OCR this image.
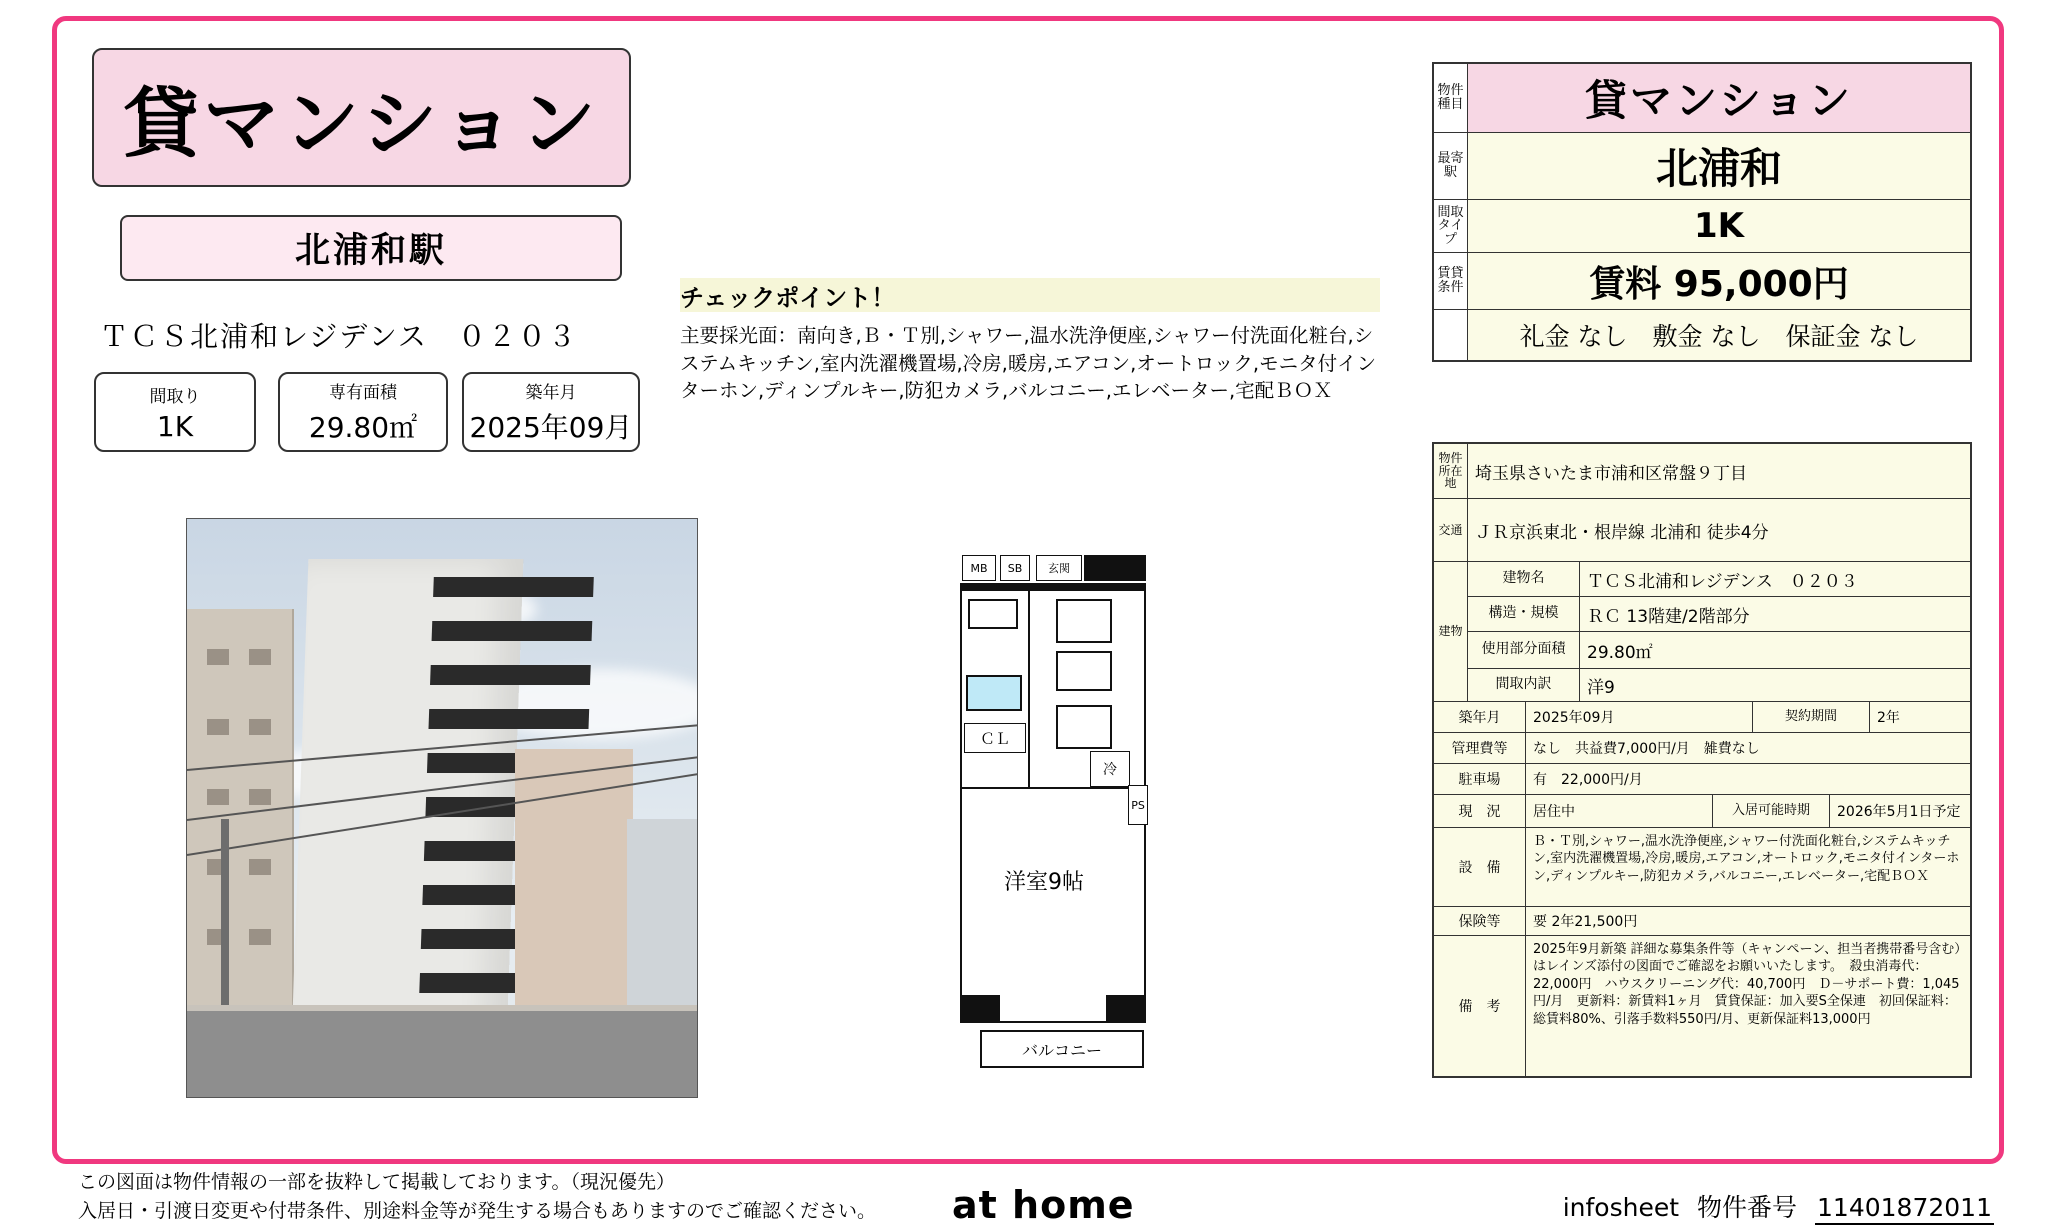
貸マンション
北浦和駅
ＴＣＳ北浦和レジデンス　０２０３
間取り
1K
専有面積
29.80㎡
築年月
2025年09月
チェックポイント！
主要採光面：南向き,Ｂ・Ｔ別,シャワー,温水洗浄便座,シャワー付洗面化粧台,システムキッチン,室内洗濯機置場,冷房,暖房,エアコン,オートロック,モニタ付インターホン,ディンプルキー,防犯カメラ,バルコニー,エレベーター,宅配ＢＯＸ
MB	SB	玄関
ＣＬ
冷
PS
洋室9帖
バルコニー
物件種目	貸マンション
最寄駅	北浦和
間取タイプ	1K
賃貸条件	賃料 95,000円
礼金 なし　敷金 なし　保証金 なし
物件所在地	埼玉県さいたま市浦和区常盤９丁目
交通 ＪＲ京浜東北・根岸線 北浦和 徒歩4分
建物
建物名	ＴＣＳ北浦和レジデンス　０２０３
構造・規模	ＲＣ 13階建/2階部分
使用部分面積	29.80㎡
間取内訳	洋9
築年月	2025年09月	契約期間	2年
管理費等	なし　共益費7,000円/月　雑費なし
駐車場	有　22,000円/月
現　況	居住中	入居可能時期	2026年5月1日予定
設　備
Ｂ・Ｔ別,シャワー,温水洗浄便座,シャワー付洗面化粧台,システムキッチン,室内洗濯機置場,冷房,暖房,エアコン,オートロック,モニタ付インターホン,ディンプルキー,防犯カメラ,バルコニー,エレベーター,宅配ＢＯＸ
保険等	要 2年21,500円
備　考
2025年9月新築 詳細な募集条件等（キャンペーン、担当者携帯番号含む）はレインズ添付の図面でご確認をお願いいたします。　殺虫消毒代：22,000円　ハウスクリーニング代：40,700円　Ｄ－サポート費：1,045円/月　更新料：新賃料1ヶ月　賃貸保証：加入要S全保連　初回保証料：総賃料80%、引落手数料550円/月、更新保証料13,000円
この図面は物件情報の一部を抜粋して掲載しております。（現況優先）
入居日・引渡日変更や付帯条件、別途料金等が発生する場合もありますのでご確認ください。	at home	infosheet 物件番号 11401872011
